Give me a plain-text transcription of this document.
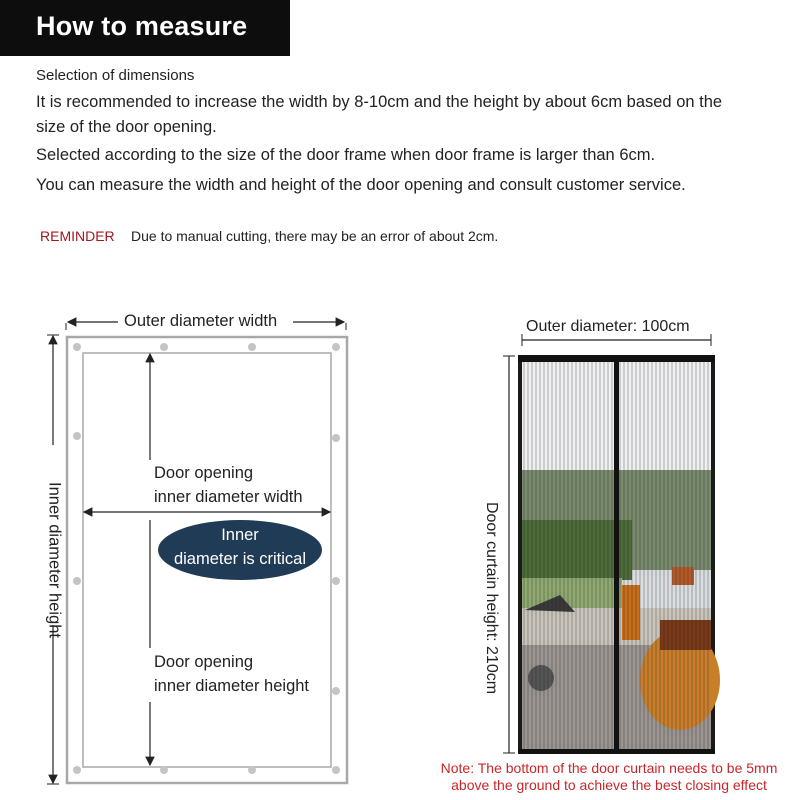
How to measure
Selection of dimensions
It is recommended to increase the width by 8-10cm and the height by about 6cm based on the
size of the door opening.
Selected according to the size of the door frame when door frame is larger than 6cm.
You can measure the width and height of the door opening and consult customer service.
REMINDER Due to manual cutting, there may be an error of about 2cm.
Outer diameter width
Inner diameter height
Door opening
inner diameter width
Inner
diameter is critical
Door opening
inner diameter height
Outer diameter: 100cm
Door curtain height: 210cm
Note: The bottom of the door curtain needs to be 5mm
above the ground to achieve the best closing effect
